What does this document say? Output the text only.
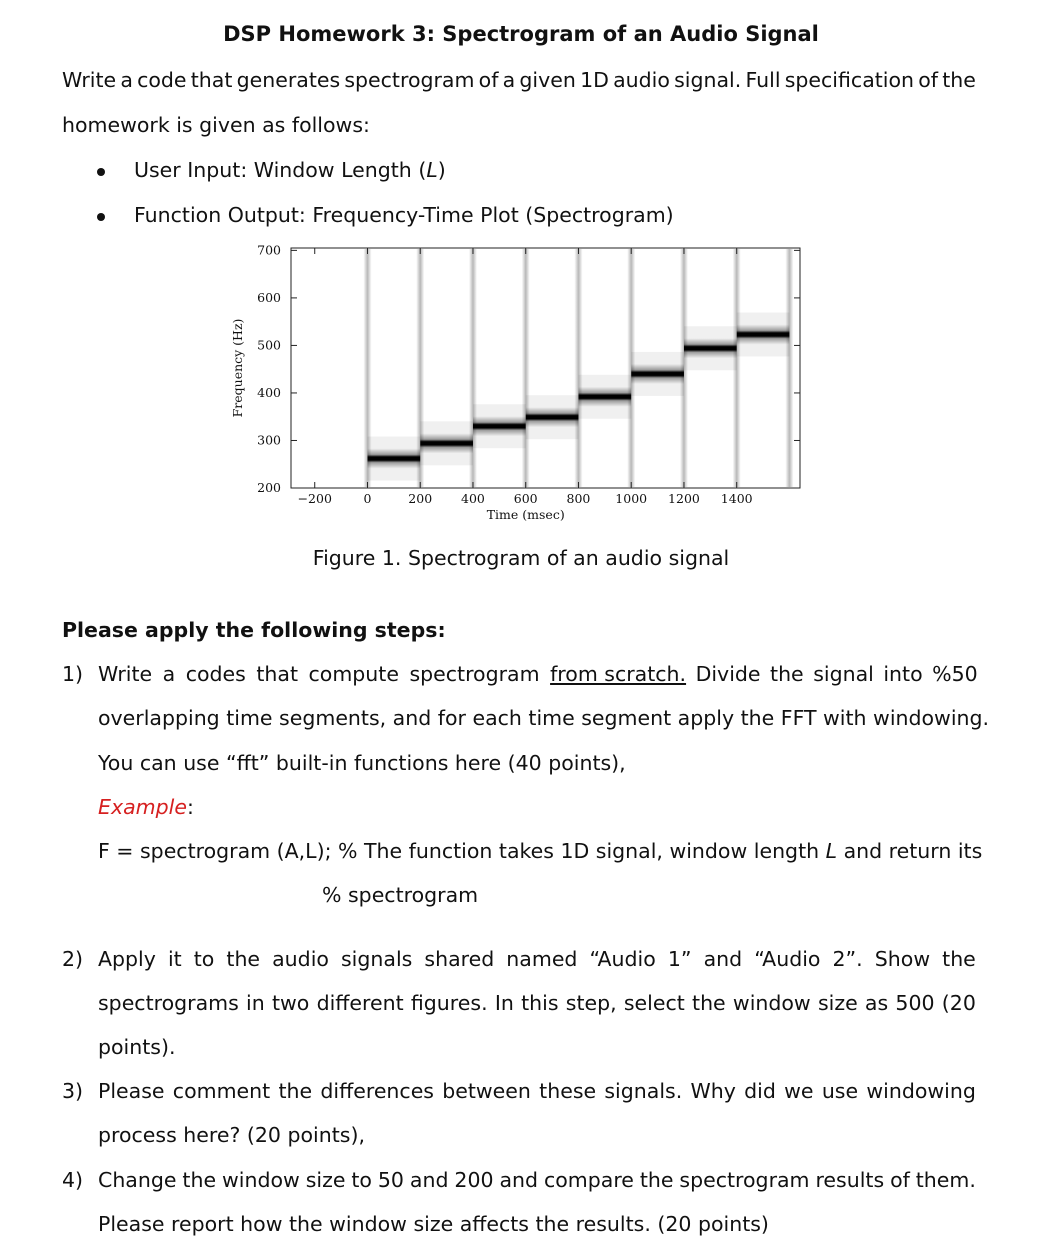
DSP Homework 3: Spectrogram of an Audio Signal
Write a code that generates spectrogram of a given 1D audio signal. Full specification of the
homework is given as follows:
User Input: Window Length (L)
Function Output: Frequency-Time Plot (Spectrogram)
200
300
400
500
600
700
−200	0	200 400 600 800 1000 1200 1400
Time (msec)
Frequency (Hz)
Figure 1. Spectrogram of an audio signal
Please apply the following steps:
1) Write a codes that compute spectrogram from scratch. Divide the signal into %50
overlapping time segments, and for each time segment apply the FFT with windowing.
You can use “fft” built-in functions here (40 points),
Example:
F = spectrogram (A,L); % The function takes 1D signal, window length L and return its
% spectrogram
2) Apply it to the audio signals shared named “Audio 1” and “Audio 2”. Show the
spectrograms in two different figures. In this step, select the window size as 500 (20
points).
3) Please comment the differences between these signals. Why did we use windowing
process here? (20 points),
4) Change the window size to 50 and 200 and compare the spectrogram results of them.
Please report how the window size affects the results. (20 points)
